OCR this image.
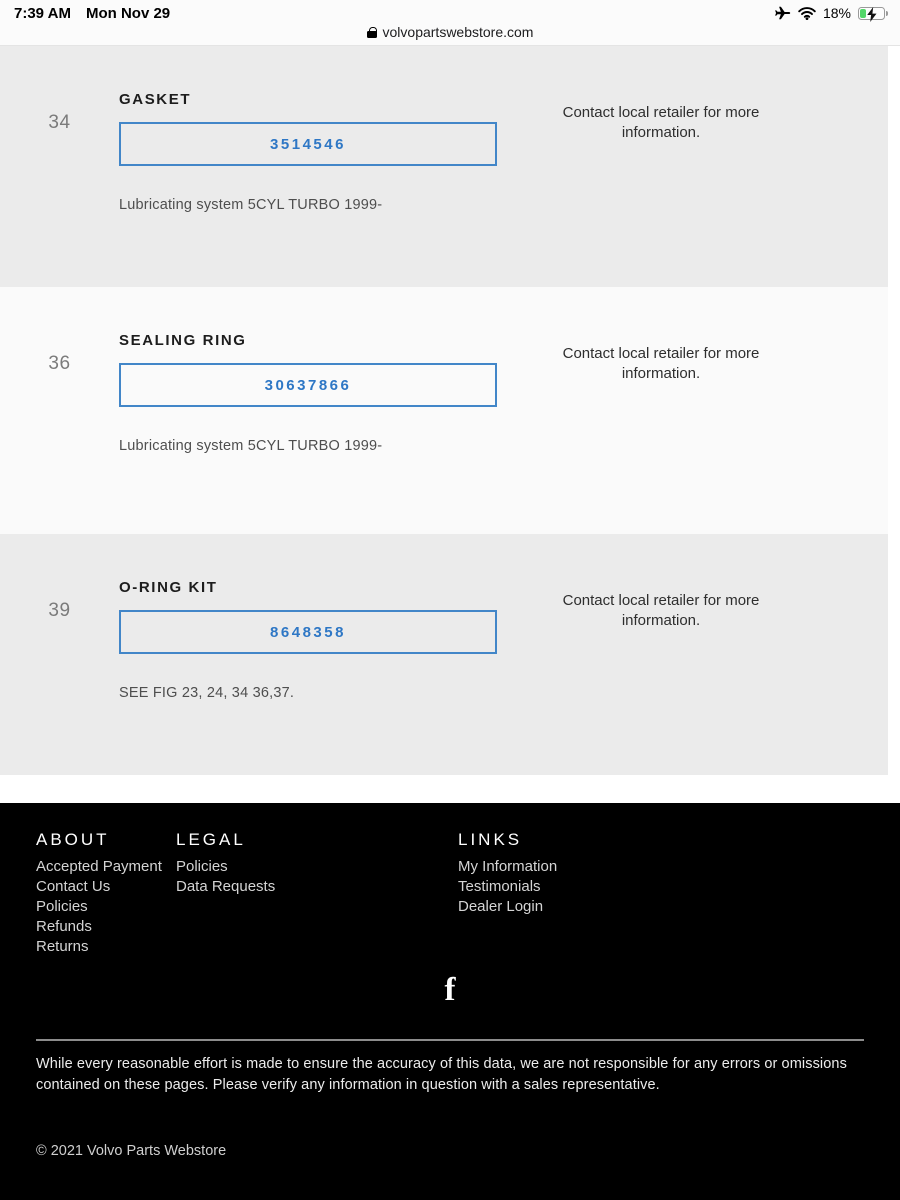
7:39 AM Mon Nov 29	18%
volvopartswebstore.com
34
GASKET
3514546

Lubricating system 5CYL TURBO 1999-

Contact local retailer for more information.

36
SEALING RING
30637866

Lubricating system 5CYL TURBO 1999-

Contact local retailer for more information.

39
O-RING KIT
8648358

SEE FIG 23, 24, 34 36,37.

Contact local retailer for more information.

ABOUT
Accepted Payment
Contact Us
Policies
Refunds
Returns
LEGAL
Policies
Data Requests
LINKS
My Information
Testimonials
Dealer Login
f

While every reasonable effort is made to ensure the accuracy of this data, we are not responsible for any errors or omissions contained on these pages. Please verify any information in question with a sales representative.

© 2021 Volvo Parts Webstore
